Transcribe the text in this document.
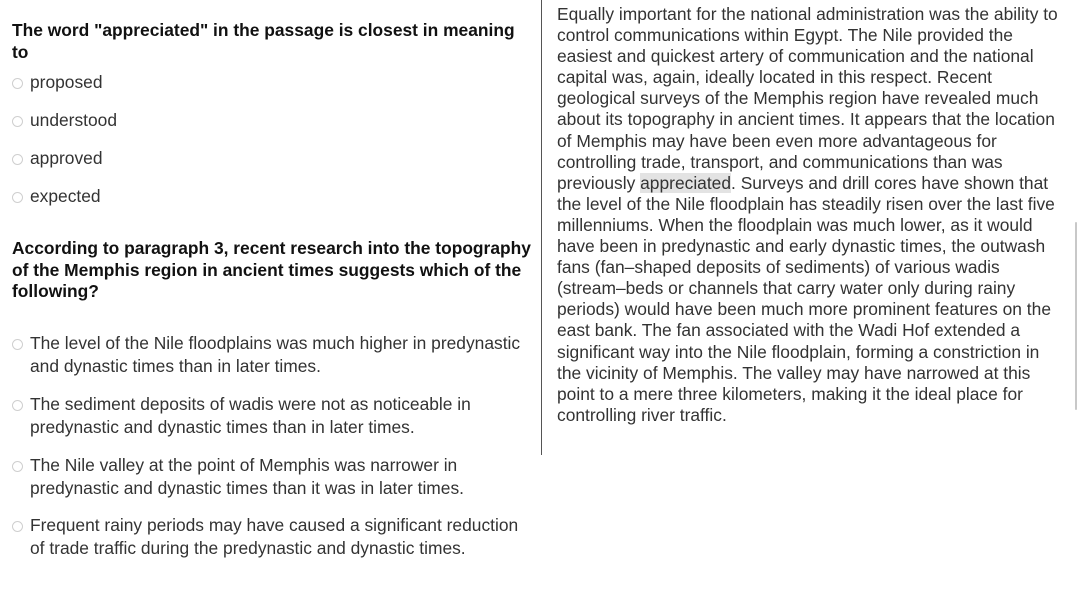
The word "appreciated" in the passage is closest in meaning to
proposed
understood
approved
expected
According to paragraph 3, recent research into the topography of the Memphis region in ancient times suggests which of the following?
The level of the Nile floodplains was much higher in predynastic and dynastic times than in later times.
The sediment deposits of wadis were not as noticeable in predynastic and dynastic times than in later times.
The Nile valley at the point of Memphis was narrower in predynastic and dynastic times than it was in later times.
Frequent rainy periods may have caused a significant reduction of trade traffic during the predynastic and dynastic times.
Equally important for the national administration was the ability to control communications within Egypt. The Nile provided the easiest and quickest artery of communication and the national capital was, again, ideally located in this respect. Recent geological surveys of the Memphis region have revealed much about its topography in ancient times. It appears that the location of Memphis may have been even more advantageous for controlling trade, transport, and communications than was previously appreciated. Surveys and drill cores have shown that the level of the Nile floodplain has steadily risen over the last five millenniums. When the floodplain was much lower, as it would have been in predynastic and early dynastic times, the outwash fans (fan–shaped deposits of sediments) of various wadis (stream–beds or channels that carry water only during rainy periods) would have been much more prominent features on the east bank. The fan associated with the Wadi Hof extended a significant way into the Nile floodplain, forming a constriction in the vicinity of Memphis. The valley may have narrowed at this point to a mere three kilometers, making it the ideal place for controlling river traffic.
